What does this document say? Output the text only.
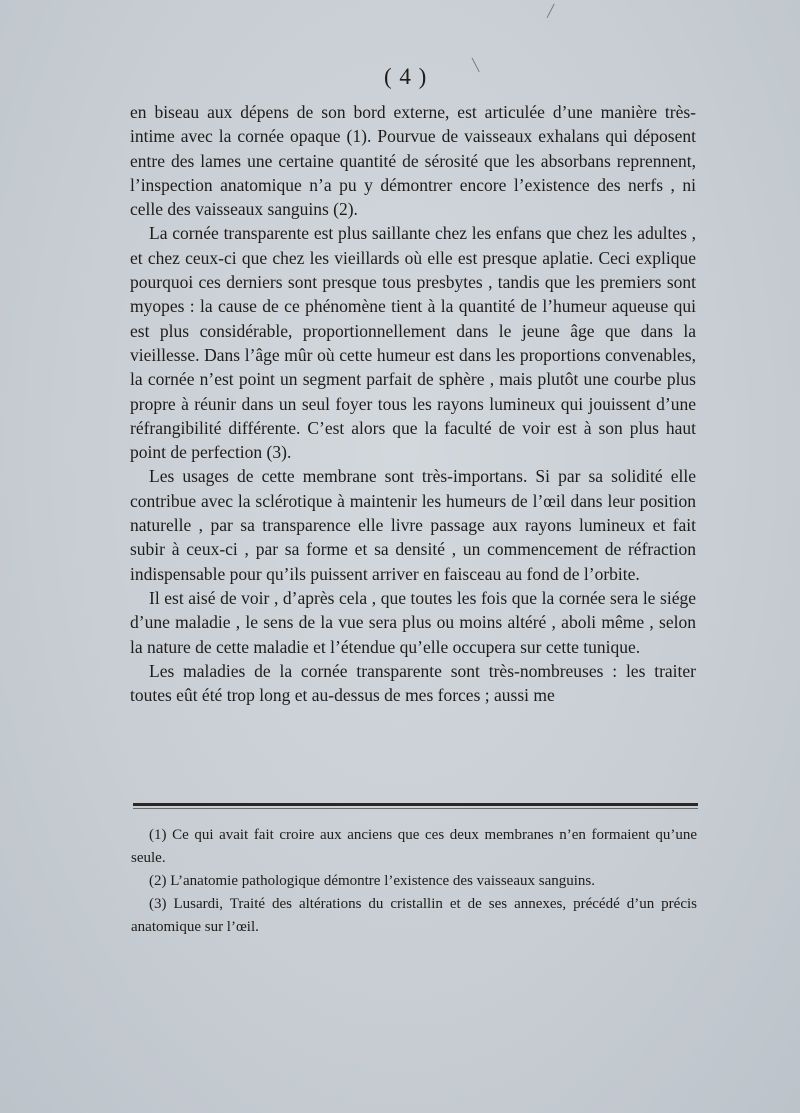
╱
╲
( 4 )

en biseau aux dépens de son bord externe, est articulée d’une manière très-intime avec la cornée opaque (1). Pourvue de vaisseaux exhalans qui déposent entre des lames une certaine quantité de sérosité que les absorbans reprennent, l’inspection anatomique n’a pu y démontrer encore l’existence des nerfs , ni celle des vaisseaux sanguins (2).

La cornée transparente est plus saillante chez les enfans que chez les adultes , et chez ceux-ci que chez les vieillards où elle est presque aplatie. Ceci explique pourquoi ces derniers sont presque tous presbytes , tandis que les premiers sont myopes : la cause de ce phénomène tient à la quantité de l’humeur aqueuse qui est plus considérable, proportionnellement dans le jeune âge que dans la vieillesse. Dans l’âge mûr où cette humeur est dans les proportions convenables, la cornée n’est point un segment parfait de sphère , mais plutôt une courbe plus propre à réunir dans un seul foyer tous les rayons lumineux qui jouissent d’une réfrangibilité différente. C’est alors que la faculté de voir est à son plus haut point de perfection (3).

Les usages de cette membrane sont très-importans. Si par sa solidité elle contribue avec la sclérotique à maintenir les humeurs de l’œil dans leur position naturelle , par sa transparence elle livre passage aux rayons lumineux et fait subir à ceux-ci , par sa forme et sa densité , un commencement de réfraction indispensable pour qu’ils puissent arriver en faisceau au fond de l’orbite.

Il est aisé de voir , d’après cela , que toutes les fois que la cornée sera le siége d’une maladie , le sens de la vue sera plus ou moins altéré , aboli même , selon la nature de cette maladie et l’étendue qu’elle occupera sur cette tunique.

Les maladies de la cornée transparente sont très-nombreuses : les traiter toutes eût été trop long et au-dessus de mes forces ; aussi me

(1) Ce qui avait fait croire aux anciens que ces deux membranes n’en formaient qu’une seule.

(2) L’anatomie pathologique démontre l’existence des vaisseaux sanguins.

(3) Lusardi, Traité des altérations du cristallin et de ses annexes, précédé d’un précis anatomique sur l’œil.
